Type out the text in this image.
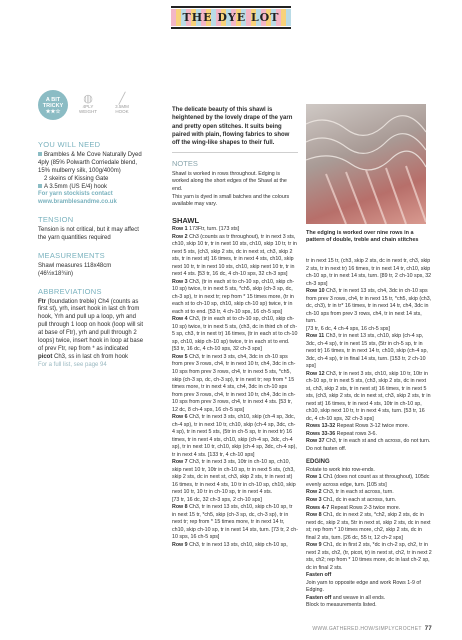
THE DYE LOT
A BIT
TRICKY
★★☆
◍
4PLY WEIGHT
╱
3.5MM HOOK
YOU WILL NEED

Brambles & Me Cove Naturally Dyed 4ply (85% Polwarth Corriedale blend, 15% mulberry silk, 100g/400m)

2 skeins of Kissing Gate

A 3.5mm (US E/4) hook

For yarn stockists contact

www.bramblesandme.co.uk

TENSION

Tension is not critical, but it may affect the yarn quantities required

MEASUREMENTS

Shawl measures 118x48cm (46½x18¾in)

ABBREVIATIONS

Ftr (foundation treble) Ch4 (counts as first st), yrh, insert hook in last ch from hook, Yrh and pull up a loop, yrh and pull through 1 loop on hook (loop will sit at base of Ftr), yrh and pull through 2 loops) twice, insert hook in loop at base of prev Ftr, rep from * as indicated

picot Ch3, ss in last ch from hook

For a full list, see page 94

The delicate beauty of this shawl is heightened by the lovely drape of the yarn and pretty open stitches. It suits being paired with plain, flowing fabrics to show off the wing-like shapes to their full.

NOTES

Shawl is worked in rows throughout. Edging is worked along the short edges of the Shawl at the end.

This yarn is dyed in small batches and the colours available may vary.

SHAWL

Row 1 173Ftr, turn. [173 sts]

Row 2 Ch3 (counts as tr throughout), tr in next 3 sts, ch10, skip 10 tr, tr in next 10 sts, ch10, skip 10 tr, tr in next 5 sts, (ch3, skip 2 sts, dc in next st, ch3, skip 2 sts, tr in next st) 16 times, tr in next 4 sts, ch10, skip next 10 tr, tr in next 10 sts, ch10, skip next 10 tr, tr in next 4 sts. [53 tr, 16 dc, 4 ch-10 sps, 32 ch-3 sps]

Row 3 Ch3, (tr in each st to ch-10 sp, ch10, skip ch-10 sp) twice, tr in next 5 sts, *ch5, skip (ch-3 sp, dc, ch-3 sp), tr in next tr; rep from * 15 times more, (tr in each st to ch-10 sp, ch10, skip ch-10 sp) twice, tr in each st to end. [53 tr, 4 ch-10 sps, 16 ch-5 sps]

Row 4 Ch3, (tr in each st to ch-10 sp, ch10, skip ch-10 sp) twice, tr in next 5 sts, (ch3, dc in third ch of ch-5 sp, ch3, tr in next tr) 16 times, (tr in each st to ch-10 sp, ch10, skip ch-10 sp) twice, tr in each st to end. [53 tr, 16 dc, 4 ch-10 sps, 32 ch-3 sps]

Row 5 Ch3, tr in next 3 sts, ch4, 3dc in ch-10 sps from prev 3 rows, ch4, tr in next 10 tr, ch4, 3dc in ch-10 sps from prev 3 rows, ch4, tr in next 5 sts, *ch5, skip (ch-3 sp, dc, ch-3 sp), tr in next tr; rep from * 15 times more, tr in next 4 sts, ch4, 3dc in ch-10 sps from prev 3 rows, ch4, tr in next 10 tr, ch4, 3dc in ch-10 sps from prev 3 rows, ch4, tr in next 4 sts. [53 tr, 12 dc, 8 ch-4 sps, 16 ch-5 sps]

Row 6 Ch3, tr in next 3 sts, ch10, skip (ch-4 sp, 3dc, ch-4 sp), tr in next 10 tr, ch10, skip (ch-4 sp, 3dc, ch-4 sp), tr in next 5 sts, (5tr in ch-5 sp, tr in next tr) 16 times, tr in next 4 sts, ch10, skip (ch-4 sp, 3dc, ch-4 sp), tr in next 10 tr, ch10, skip (ch-4 sp, 3dc, ch-4 sp), tr in next 4 sts. [133 tr, 4 ch-10 sps]

Row 7 Ch3, tr in next 3 sts, 10tr in ch-10 sp, ch10, skip next 10 tr, 10tr in ch-10 sp, tr in next 5 sts, (ch3, skip 2 sts, dc in next st, ch3, skip 2 sts, tr in next st) 16 times, tr in next 4 sts, 10 tr in ch-10 sp, ch10, skip next 10 tr, 10 tr in ch-10 sp, tr in next 4 sts.

[73 tr, 16 dc, 32 ch-3 sps, 2 ch-10 sps]

Row 8 Ch3, tr in next 13 sts, ch10, skip ch-10 sp, tr in next 15 tr, *ch5, skip (ch-3 sp, dc, ch-3 sp), tr in next tr; rep from * 15 times more, tr in next 14 tr, ch10, skip ch-10 sp, tr in next 14 sts, turn. [73 tr, 2 ch-10 sps, 16 ch-5 sps]

Row 9 Ch3, tr in next 13 sts, ch10, skip ch-10 sp,

The edging is worked over nine rows in a pattern of double, treble and chain stitches

tr in next 15 tr, (ch3, skip 2 sts, dc in next tr, ch3, skip 2 sts, tr in next tr) 16 times, tr in next 14 tr, ch10, skip ch-10 sp, tr in next 14 sts, turn. [89 tr, 2 ch-10 sps, 32 ch-3 sps]

Row 10 Ch3, tr in next 13 sts, ch4, 3dc in ch-10 sps from prev 3 rows, ch4, tr in next 15 tr, *ch5, skip (ch3, dc, ch3), tr in tr* 16 times, tr in next 14 tr, ch4, 3dc in ch-10 sps from prev 3 rows, ch4, tr in next 14 sts, turn.

[73 tr, 6 dc, 4 ch-4 sps, 16 ch-5 sps]

Row 11 Ch3, tr in next 13 sts, ch10, skip (ch-4 sp, 3dc, ch-4 sp), tr in next 15 sts, (5tr in ch-5 sp, tr in next tr) 16 times, tr in next 14 tr, ch10, skip (ch-4 sp, 3dc, ch-4 sp), tr in final 14 sts, turn. [153 tr, 2 ch-10 sps]

Row 12 Ch3, tr in next 3 sts, ch10, skip 10 tr, 10tr in ch-10 sp, tr in next 5 sts, (ch3, skip 2 sts, dc in next st, ch3, skip 2 sts, tr in next st) 16 times, tr in next 5 sts, (ch3, skip 2 sts, dc in next st, ch3, skip 2 sts, tr in next st) 16 times, tr in next 4 sts, 10tr in ch-10 sp, ch10, skip next 10 tr, tr in next 4 sts, turn. [53 tr, 16 dc, 4 ch-10 sps, 32 ch-3 sps]

Rows 13-32 Repeat Rows 3-12 twice more.

Rows 33-36 Repeat rows 3-6.

Row 37 Ch3, tr in each st and ch across, do not turn.

Do not fasten off.

EDGING

Rotate to work into row-ends.

Row 1 Ch1 (does not count as st throughout), 105dc evenly across edge, turn. [105 sts]

Row 2 Ch3, tr in each st across, turn.

Row 3 Ch1, dc in each st across, turn.

Rows 4-7 Repeat Rows 2-3 twice more.

Row 8 Ch1, dc in next 2 sts, *ch2, skip 2 sts, dc in next dc, skip 2 sts, 5tr in next st, skip 2 sts, dc in next st; rep from * 10 times more, ch2, skip 2 sts, dc in final 2 sts, turn. [26 dc, 55 tr, 12 ch-2 sps]

Row 9 Ch1, dc in first 2 sts, *dc in ch-2 sp, ch2, tr in next 2 sts, ch2, (tr, picot, tr) in next st, ch2, tr in next 2 sts, ch2; rep from * 10 times more, dc in last ch-2 sp, dc in final 2 sts.

Fasten off

Join yarn to opposite edge and work Rows 1-9 of Edging.

Fasten off and weave in all ends.

Block to measurements listed.

WWW.GATHERED.HOW/SIMPLYCROCHET 77
